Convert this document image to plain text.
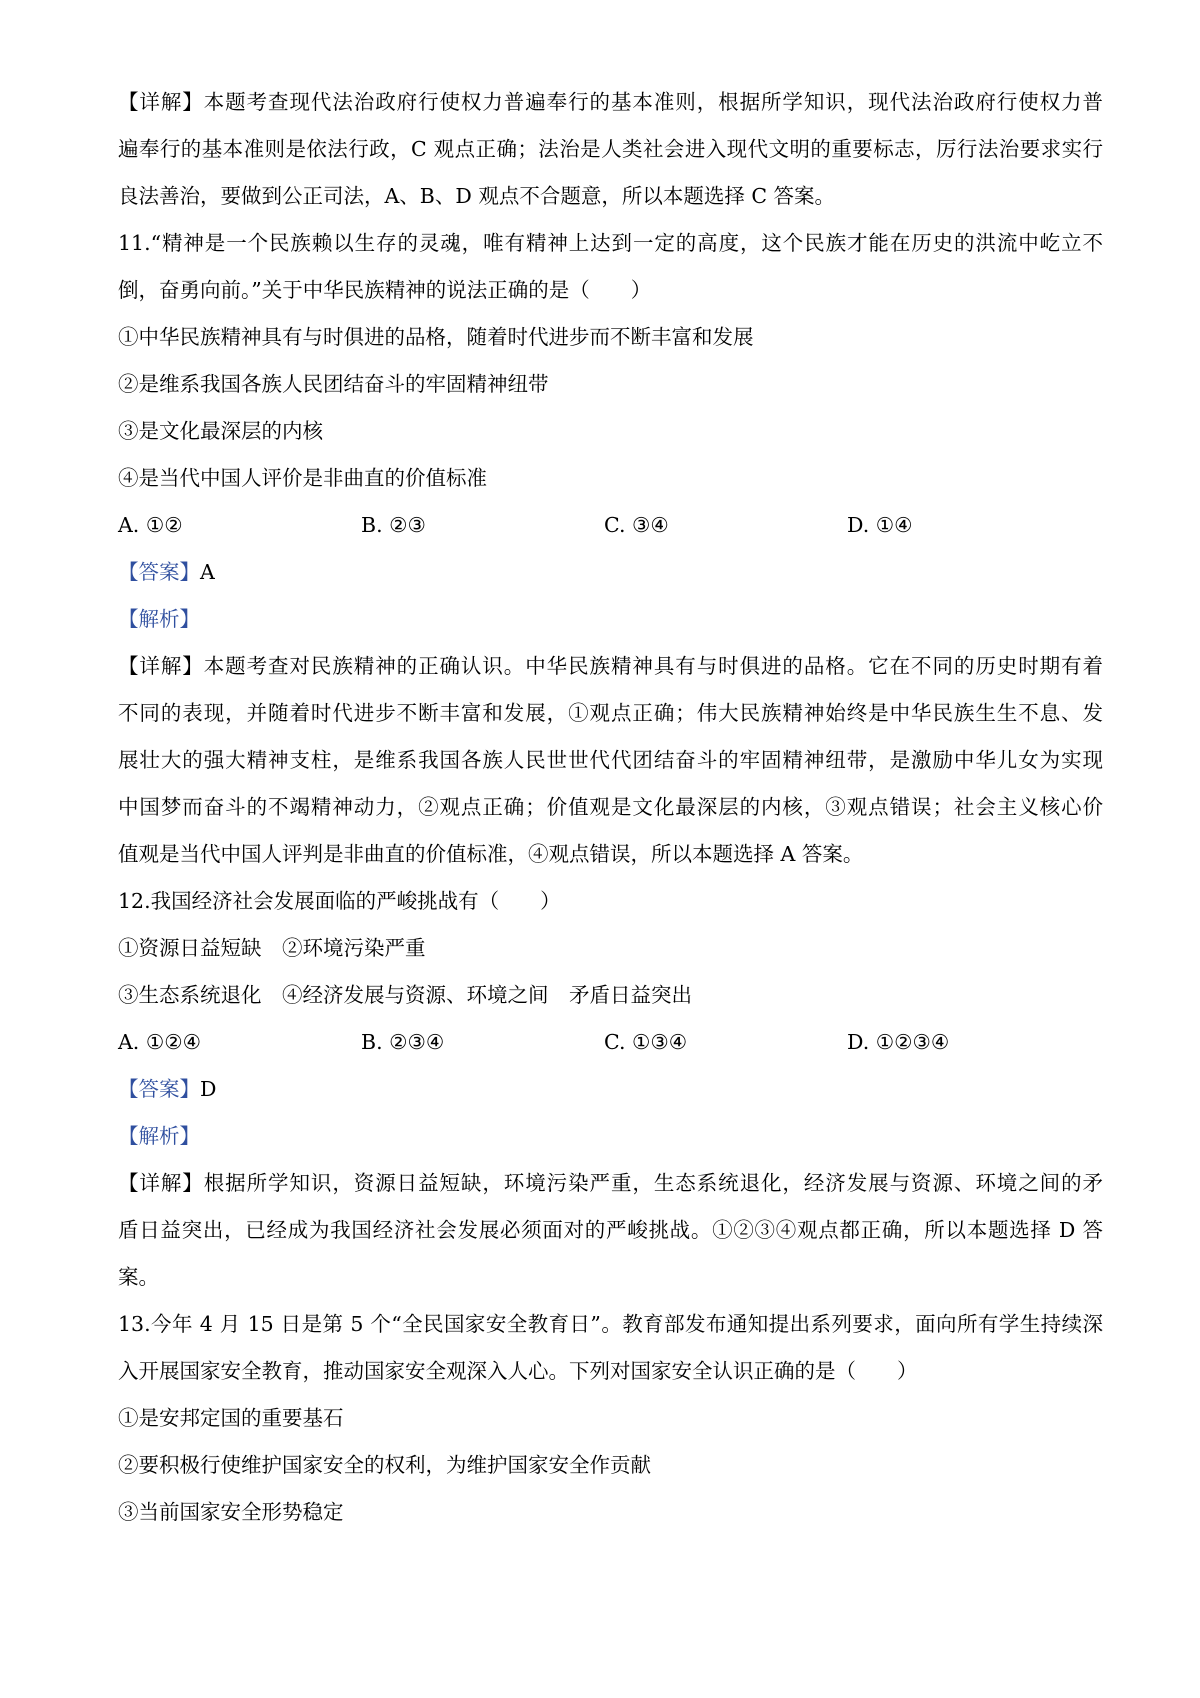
【详解】本题考查现代法治政府行使权力普遍奉行的基本准则，根据所学知识，现代法治政府行使权力普
遍奉行的基本准则是依法行政，C 观点正确；法治是人类社会进入现代文明的重要标志，厉行法治要求实行
良法善治，要做到公正司法，A、B、D 观点不合题意，所以本题选择 C 答案。
11.“精神是一个民族赖以生存的灵魂，唯有精神上达到一定的高度，这个民族才能在历史的洪流中屹立不
倒，奋勇向前。”关于中华民族精神的说法正确的是（　　）
①中华民族精神具有与时俱进的品格，随着时代进步而不断丰富和发展
②是维系我国各族人民团结奋斗的牢固精神纽带
③是文化最深层的内核
④是当代中国人评价是非曲直的价值标准
A. ①②	B. ②③	C. ③④	D. ①④
【答案】A
【解析】
【详解】本题考查对民族精神的正确认识。中华民族精神具有与时俱进的品格。它在不同的历史时期有着
不同的表现，并随着时代进步不断丰富和发展，①观点正确；伟大民族精神始终是中华民族生生不息、发
展壮大的强大精神支柱，是维系我国各族人民世世代代团结奋斗的牢固精神纽带，是激励中华儿女为实现
中国梦而奋斗的不竭精神动力，②观点正确；价值观是文化最深层的内核，③观点错误；社会主义核心价
值观是当代中国人评判是非曲直的价值标准，④观点错误，所以本题选择 A 答案。
12.我国经济社会发展面临的严峻挑战有（　　）
①资源日益短缺　②环境污染严重
③生态系统退化　④经济发展与资源、环境之间　矛盾日益突出
A. ①②④	B. ②③④	C. ①③④	D. ①②③④
【答案】D
【解析】
【详解】根据所学知识，资源日益短缺，环境污染严重，生态系统退化，经济发展与资源、环境之间的矛
盾日益突出，已经成为我国经济社会发展必须面对的严峻挑战。①②③④观点都正确，所以本题选择 D 答
案。
13.今年 4 月 15 日是第 5 个“全民国家安全教育日”。教育部发布通知提出系列要求，面向所有学生持续深
入开展国家安全教育，推动国家安全观深入人心。下列对国家安全认识正确的是（　　）
①是安邦定国的重要基石
②要积极行使维护国家安全的权利，为维护国家安全作贡献
③当前国家安全形势稳定
